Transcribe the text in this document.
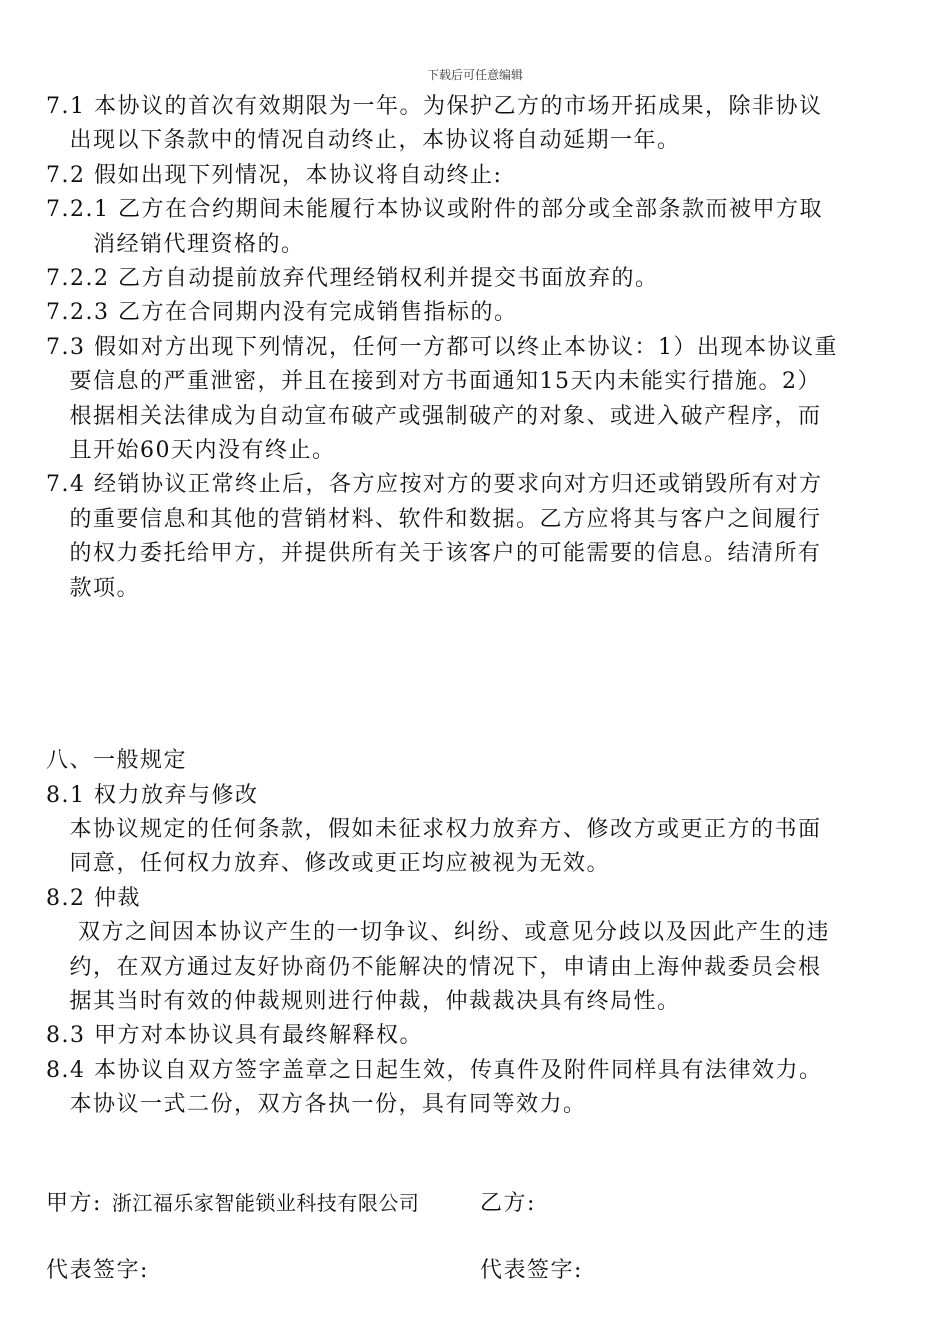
下载后可任意编辑
7.1 本协议的首次有效期限为一年。为保护乙方的市场开拓成果，除非协议
　出现以下条款中的情况自动终止，本协议将自动延期一年。
7.2 假如出现下列情况，本协议将自动终止:
7.2.1 乙方在合约期间未能履行本协议或附件的部分或全部条款而被甲方取
　　消经销代理资格的。
7.2.2 乙方自动提前放弃代理经销权利并提交书面放弃的。
7.2.3 乙方在合同期内没有完成销售指标的。
7.3 假如对方出现下列情况，任何一方都可以终止本协议：1）出现本协议重
　要信息的严重泄密，并且在接到对方书面通知15天内未能实行措施。2）
　根据相关法律成为自动宣布破产或强制破产的对象、或进入破产程序，而
　且开始60天内没有终止。
7.4 经销协议正常终止后，各方应按对方的要求向对方归还或销毁所有对方
　的重要信息和其他的营销材料、软件和数据。乙方应将其与客户之间履行
　的权力委托给甲方，并提供所有关于该客户的可能需要的信息。结清所有
　款项。
八、一般规定
8.1 权力放弃与修改
　本协议规定的任何条款，假如未征求权力放弃方、修改方或更正方的书面
　同意，任何权力放弃、修改或更正均应被视为无效。
8.2 仲裁
　 双方之间因本协议产生的一切争议、纠纷、或意见分歧以及因此产生的违
　约，在双方通过友好协商仍不能解决的情况下，申请由上海仲裁委员会根
　据其当时有效的仲裁规则进行仲裁，仲裁裁决具有终局性。
8.3 甲方对本协议具有最终解释权。
8.4 本协议自双方签字盖章之日起生效，传真件及附件同样具有法律效力。
　本协议一式二份，双方各执一份，具有同等效力。
甲方: 浙江福乐家智能锁业科技有限公司	乙方:
代表签字:	代表签字:
